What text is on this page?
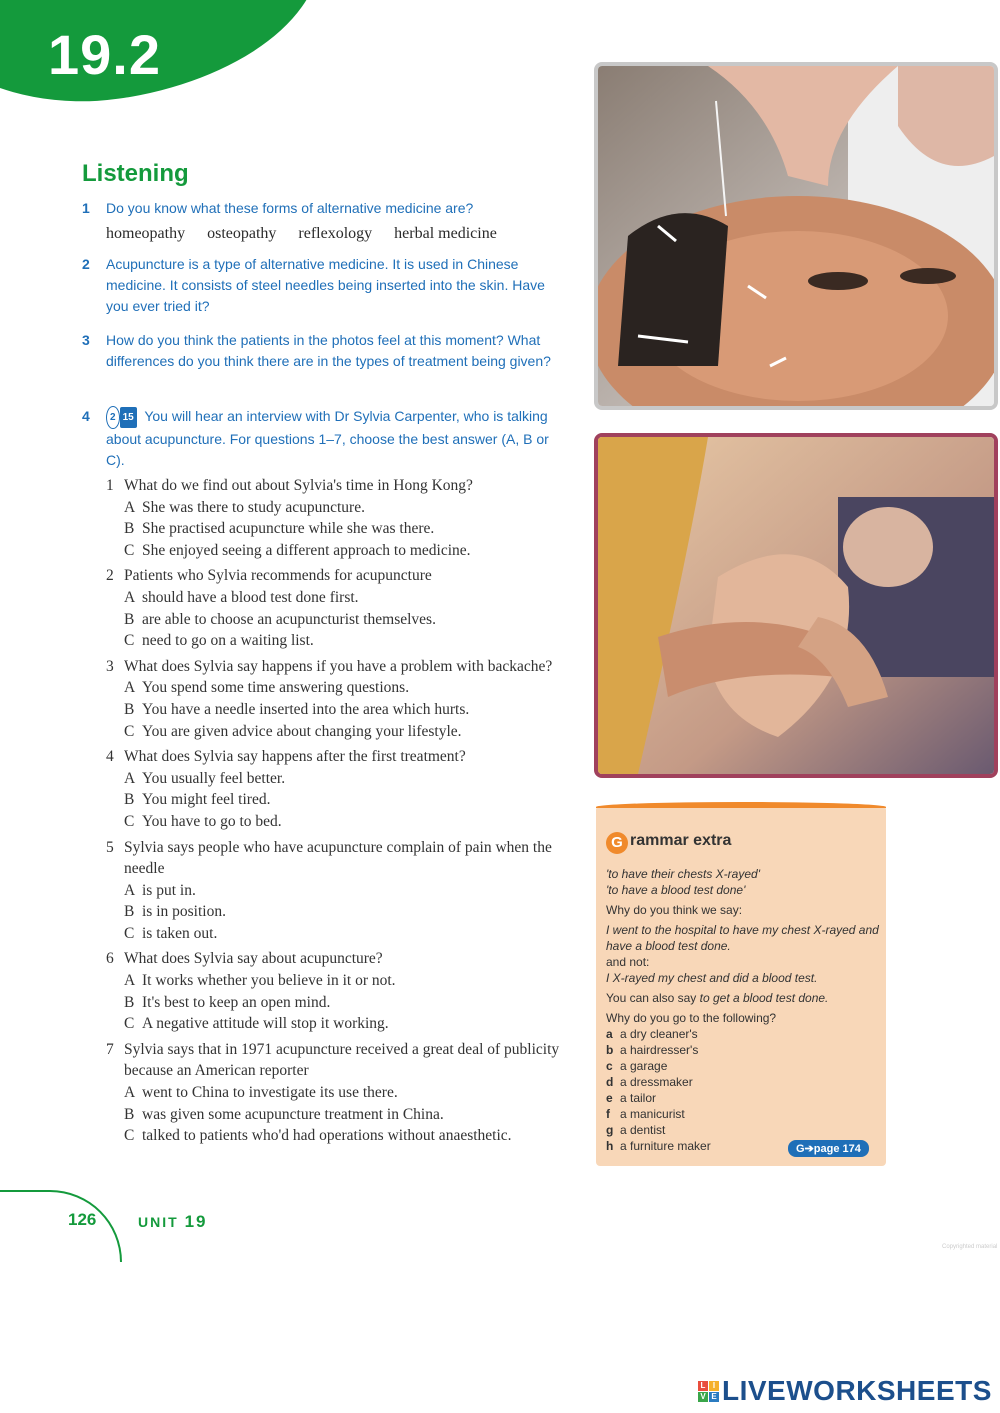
19.2
Listening
1 Do you know what these forms of alternative medicine are?
homeopathy osteopathy reflexology herbal medicine
2 Acupuncture is a type of alternative medicine. It is used in Chinese medicine. It consists of steel needles being inserted into the skin. Have you ever tried it?
3 How do you think the patients in the photos feel at this moment? What differences do you think there are in the types of treatment being given?
4	2 15 You will hear an interview with Dr Sylvia Carpenter, who is talking about acupuncture. For questions 1–7, choose the best answer (A, B or C).
1 What do we find out about Sylvia's time in Hong Kong?
A She was there to study acupuncture.
B She practised acupuncture while she was there.
C She enjoyed seeing a different approach to medicine.
2 Patients who Sylvia recommends for acupuncture
A should have a blood test done first.
B are able to choose an acupuncturist themselves.
C need to go on a waiting list.
3 What does Sylvia say happens if you have a problem with backache?
A You spend some time answering questions.
B You have a needle inserted into the area which hurts.
C You are given advice about changing your lifestyle.
4 What does Sylvia say happens after the first treatment?
A You usually feel better.
B You might feel tired.
C You have to go to bed.
5 Sylvia says people who have acupuncture complain of pain when the needle
A is put in.
B is in position.
C is taken out.
6 What does Sylvia say about acupuncture?
A It works whether you believe in it or not.
B It's best to keep an open mind.
C A negative attitude will stop it working.
7 Sylvia says that in 1971 acupuncture received a great deal of publicity because an American reporter
A went to China to investigate its use there.
B was given some acupuncture treatment in China.
C talked to patients who'd had operations without anaesthetic.
G rammar extra

'to have their chests X-rayed'

'to have a blood test done'

Why do you think we say:

I went to the hospital to have my chest X-rayed and have a blood test done.

and not:

I X-rayed my chest and did a blood test.

You can also say to get a blood test done.

Why do you go to the following?

a a dry cleaner's
b a hairdresser's
c a garage
d a dressmaker
e a tailor
f a manicurist
g a dentist
h a furniture maker	G➔page 174
126	UNIT 19
Copyrighted material
L I
V E LIVEWORKSHEETS
